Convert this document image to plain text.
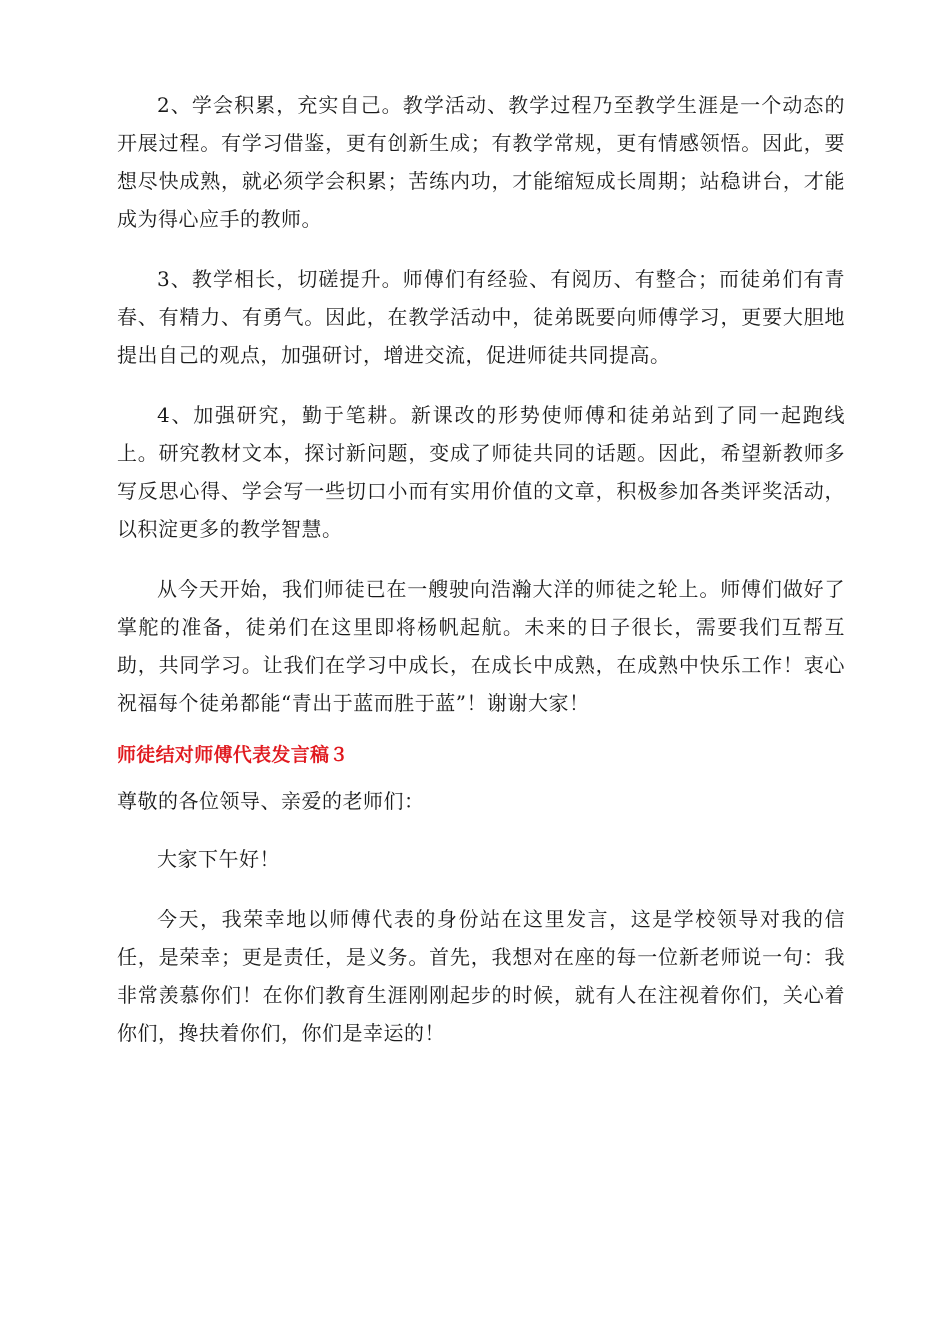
2、学会积累，充实自己。教学活动、教学过程乃至教学生涯是一个动态的开展过程。有学习借鉴，更有创新生成；有教学常规，更有情感领悟。因此，要想尽快成熟，就必须学会积累；苦练内功，才能缩短成长周期；站稳讲台，才能成为得心应手的教师。

3、教学相长，切磋提升。师傅们有经验、有阅历、有整合；而徒弟们有青春、有精力、有勇气。因此，在教学活动中，徒弟既要向师傅学习，更要大胆地提出自己的观点，加强研讨，增进交流，促进师徒共同提高。

4、加强研究，勤于笔耕。新课改的形势使师傅和徒弟站到了同一起跑线上。研究教材文本，探讨新问题，变成了师徒共同的话题。因此，希望新教师多写反思心得、学会写一些切口小而有实用价值的文章，积极参加各类评奖活动，以积淀更多的教学智慧。

从今天开始，我们师徒已在一艘驶向浩瀚大洋的师徒之轮上。师傅们做好了掌舵的准备，徒弟们在这里即将杨帆起航。未来的日子很长，需要我们互帮互助，共同学习。让我们在学习中成长，在成长中成熟，在成熟中快乐工作！衷心祝福每个徒弟都能“青出于蓝而胜于蓝”！谢谢大家！

师徒结对师傅代表发言稿３

尊敬的各位领导、亲爱的老师们：

大家下午好！

今天，我荣幸地以师傅代表的身份站在这里发言，这是学校领导对我的信任，是荣幸；更是责任，是义务。首先，我想对在座的每一位新老师说一句：我非常羡慕你们！在你们教育生涯刚刚起步的时候，就有人在注视着你们，关心着你们，搀扶着你们，你们是幸运的！
